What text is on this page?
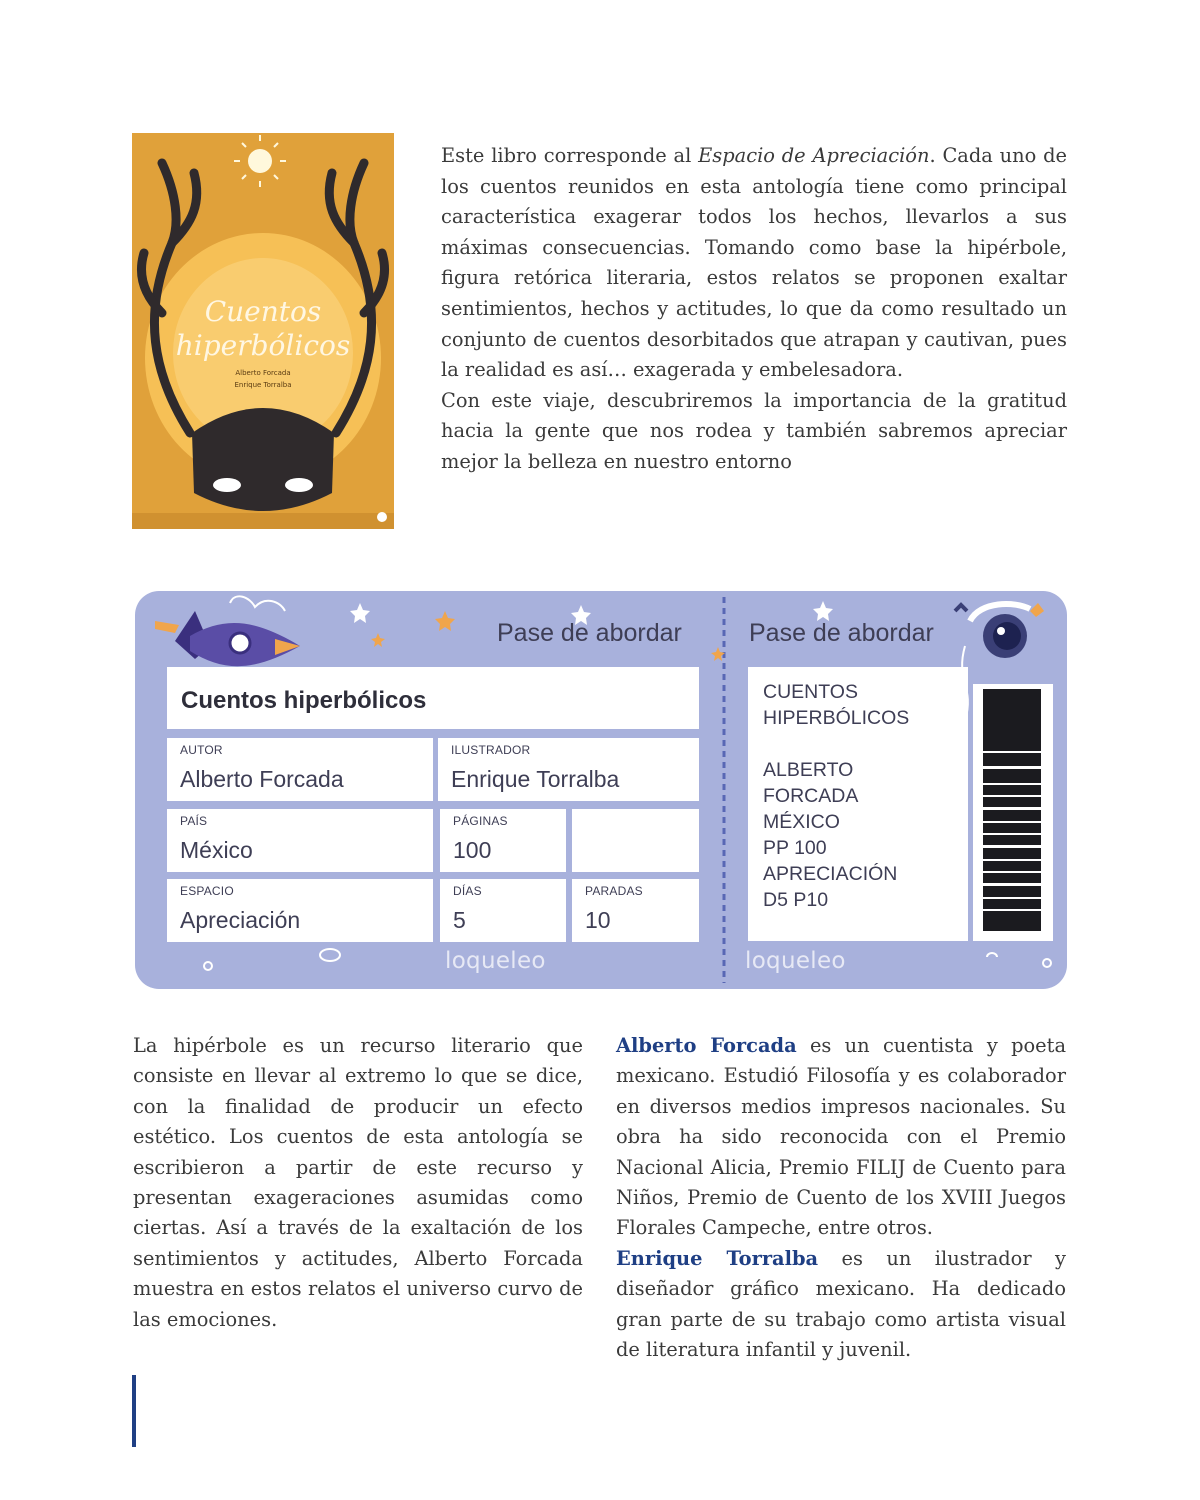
Cuentos
hiperbólicos
Alberto Forcada
Enrique Torralba

Este libro corresponde al Espacio de Apreciación. Cada uno de los cuentos reunidos en esta antología tiene como principal característica exagerar todos los hechos, llevarlos a sus máximas consecuencias. Tomando como base la hipérbole, figura retórica literaria, estos relatos se proponen exaltar sentimientos, hechos y actitudes, lo que da como resultado un conjunto de cuentos desorbitados que atrapan y cautivan, pues la realidad es así… exagerada y embelesadora.

Con este viaje, descubriremos la importancia de la gratitud hacia la gente que nos rodea y también sabremos apreciar mejor la belleza en nuestro entorno

Pase de abordar	Pase de abordar
Cuentos hiperbólicos
AUTOR
Alberto Forcada
ILUSTRADOR
Enrique Torralba
PAÍS
México
PÁGINAS
100
ESPACIO
Apreciación
DÍAS
5
PARADAS
10

CUENTOS

HIPERBÓLICOS

ALBERTO

FORCADA

MÉXICO

PP 100

APRECIACIÓN

D5 P10

loqueleo	loqueleo

La hipérbole es un recurso literario que consiste en llevar al extremo lo que se dice, con la finalidad de producir un efecto estético. Los cuentos de esta antología se escribieron a partir de este recurso y presentan exageraciones asumidas como ciertas. Así a través de la exaltación de los sentimientos y actitudes, Alberto Forcada muestra en estos relatos el universo curvo de las emociones.

Alberto Forcada es un cuentista y poeta mexicano. Estudió Filosofía y es colaborador en diversos medios impresos nacionales. Su obra ha sido reconocida con el Premio Nacional Alicia, Premio FILIJ de Cuento para Niños, Premio de Cuento de los XVIII Juegos Florales Campeche, entre otros.

Enrique Torralba es un ilustrador y diseñador gráfico mexicano. Ha dedicado gran parte de su trabajo como artista visual de literatura infantil y juvenil.
